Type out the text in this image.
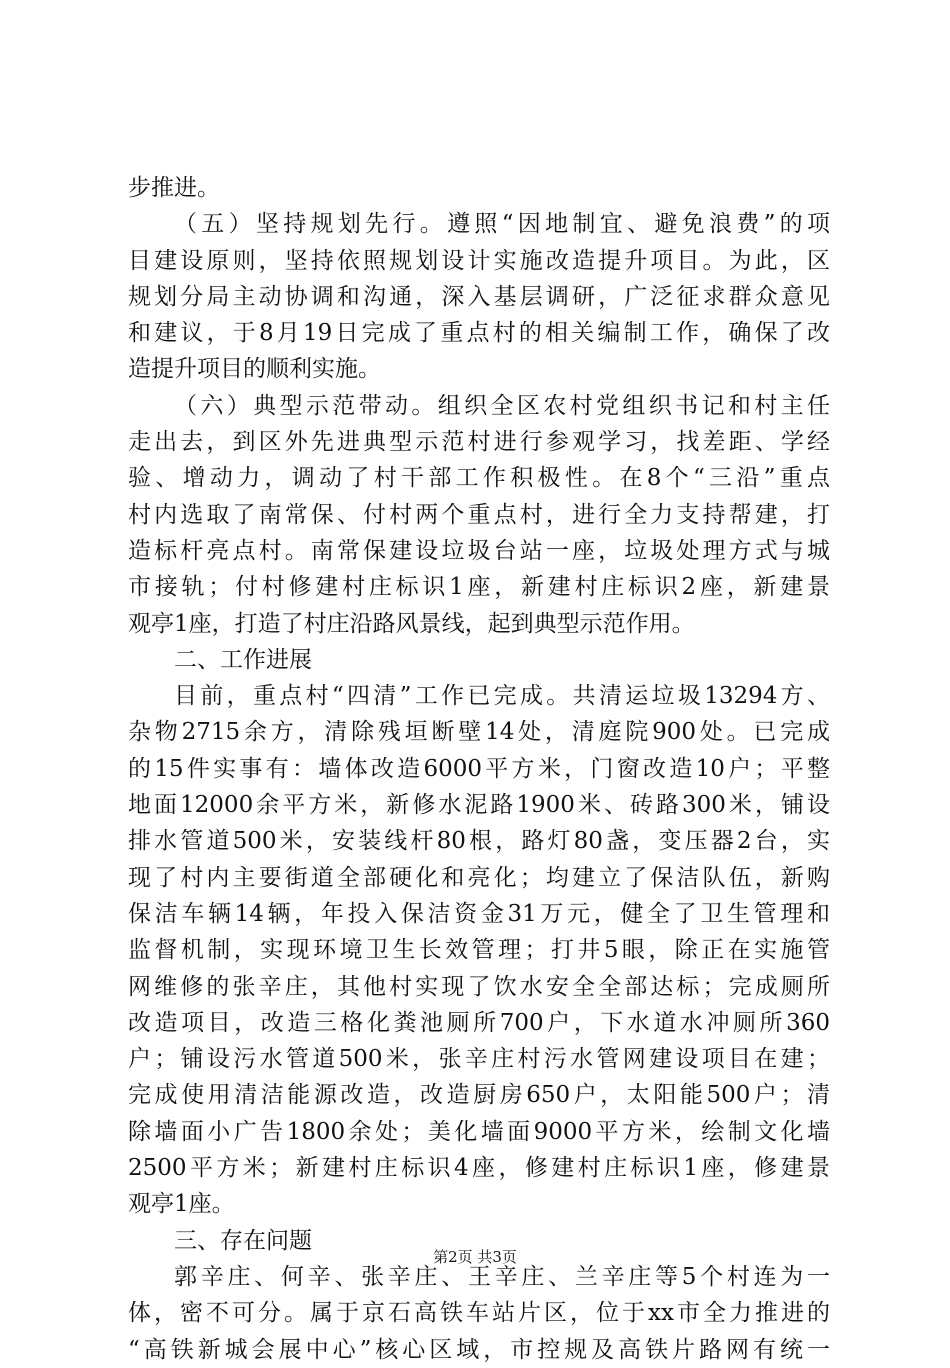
步推进。
（五）坚持规划先行。遵照“因地制宜、避免浪费”的项
目建设原则，坚持依照规划设计实施改造提升项目。为此，区
规划分局主动协调和沟通，深入基层调研，广泛征求群众意见
和建议，于8月19日完成了重点村的相关编制工作，确保了改
造提升项目的顺利实施。
（六）典型示范带动。组织全区农村党组织书记和村主任
走出去，到区外先进典型示范村进行参观学习，找差距、学经
验、增动力，调动了村干部工作积极性。在8个“三沿”重点
村内选取了南常保、付村两个重点村，进行全力支持帮建，打
造标杆亮点村。南常保建设垃圾台站一座，垃圾处理方式与城
市接轨；付村修建村庄标识1座，新建村庄标识2座，新建景
观亭1座，打造了村庄沿路风景线，起到典型示范作用。
二、工作进展
目前，重点村“四清”工作已完成。共清运垃圾13294方、
杂物2715余方，清除残垣断壁14处，清庭院900处。已完成
的15件实事有：墙体改造6000平方米，门窗改造10户；平整
地面12000余平方米，新修水泥路1900米、砖路300米，铺设
排水管道500米，安装线杆80根，路灯80盏，变压器2台，实
现了村内主要街道全部硬化和亮化；均建立了保洁队伍，新购
保洁车辆14辆，年投入保洁资金31万元，健全了卫生管理和
监督机制，实现环境卫生长效管理；打井5眼，除正在实施管
网维修的张辛庄，其他村实现了饮水安全全部达标；完成厕所
改造项目，改造三格化粪池厕所700户，下水道水冲厕所360
户；铺设污水管道500米，张辛庄村污水管网建设项目在建；
完成使用清洁能源改造，改造厨房650户，太阳能500户；清
除墙面小广告1800余处；美化墙面9000平方米，绘制文化墙
2500平方米；新建村庄标识4座，修建村庄标识1座，修建景
观亭1座。
三、存在问题
郭辛庄、何辛、张辛庄、王辛庄、兰辛庄等5个村连为一
体，密不可分。属于京石高铁车站片区，位于xx市全力推进的
“高铁新城会展中心”核心区域，市控规及高铁片路网有统一
第2页 共3页
